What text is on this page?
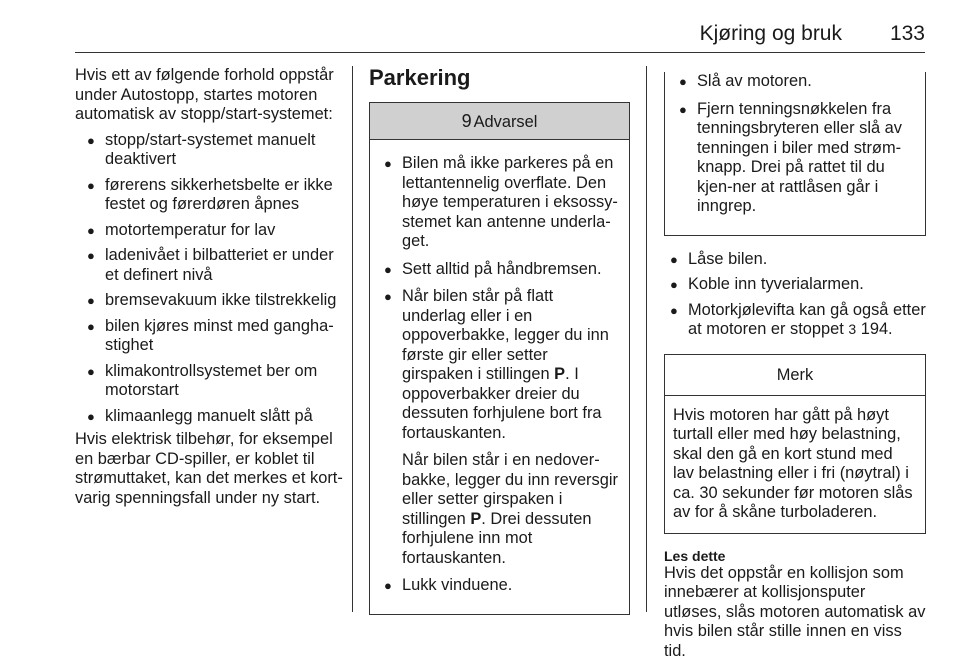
Kjøring og bruk 133

Hvis ett av følgende forhold oppstår under Autostopp, startes motoren automatisk av stopp/start-systemet:

● stopp/start-systemet manuelt deaktivert
● førerens sikkerhetsbelte er ikke festet og førerdøren åpnes
● motortemperatur for lav
● ladenivået i bilbatteriet er under et definert nivå
● bremsevakuum ikke tilstrekkelig
● bilen kjøres minst med gangha-stighet
● klimakontrollsystemet ber om motorstart
● klimaanlegg manuelt slått på

Hvis elektrisk tilbehør, for eksempel en bærbar CD-spiller, er koblet til strømuttaket, kan det merkes et kort-varig spenningsfall under ny start.

Parkering
9 Advarsel
● Bilen må ikke parkeres på en lettantennelig overflate. Den høye temperaturen i eksossy-stemet kan antenne underla-get.
● Sett alltid på håndbremsen.
● Når bilen står på flatt underlag eller i en oppoverbakke, legger du inn første gir eller setter girspaken i stillingen P. I oppoverbakker dreier du dessuten forhjulene bort fra fortauskanten.

Når bilen står i en nedover-bakke, legger du inn reversgir eller setter girspaken i stillingen P. Drei dessuten forhjulene inn mot fortauskanten.

● Lukk vinduene.
● Slå av motoren.
● Fjern tenningsnøkkelen fra tenningsbryteren eller slå av tenningen i biler med strøm-knapp. Drei på rattet til du kjen-ner at rattlåsen går i inngrep.
● Låse bilen.
● Koble inn tyverialarmen.
● Motorkjølevifta kan gå også etter at motoren er stoppet 3 194.
Merk
Hvis motoren har gått på høyt turtall eller med høy belastning, skal den gå en kort stund med lav belastning eller i fri (nøytral) i ca. 30 sekunder før motoren slås av for å skåne turboladeren.
Les dette

Hvis det oppstår en kollisjon som innebærer at kollisjonsputer utløses, slås motoren automatisk av hvis bilen står stille innen en viss tid.
